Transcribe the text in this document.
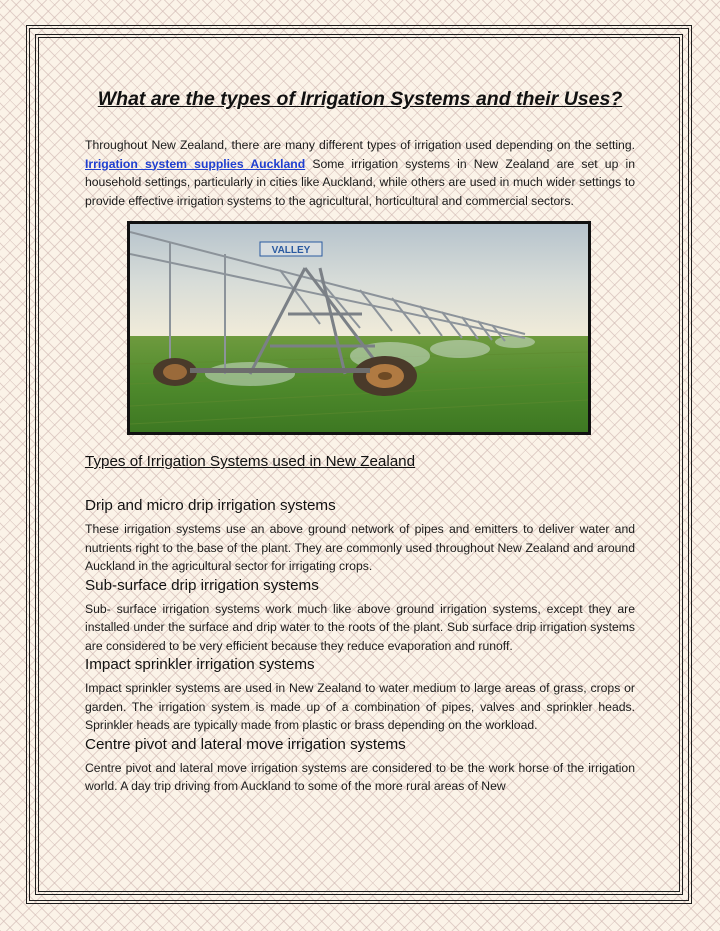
What are the types of Irrigation Systems and their Uses?

Throughout New Zealand, there are many different types of irrigation used depending on the setting. Irrigation system supplies Auckland Some irrigation systems in New Zealand are set up in household settings, particularly in cities like Auckland, while others are used in much wider settings to provide effective irrigation systems to the agricultural, horticultural and commercial sectors.

VALLEY
Types of Irrigation Systems used in New Zealand
Drip and micro drip irrigation systems

These irrigation systems use an above ground network of pipes and emitters to deliver water and nutrients right to the base of the plant. They are commonly used throughout New Zealand and around Auckland in the agricultural sector for irrigating crops.

Sub-surface drip irrigation systems

Sub- surface irrigation systems work much like above ground irrigation systems, except they are installed under the surface and drip water to the roots of the plant. Sub surface drip irrigation systems are considered to be very efficient because they reduce evaporation and runoff.

Impact sprinkler irrigation systems

Impact sprinkler systems are used in New Zealand to water medium to large areas of grass, crops or garden. The irrigation system is made up of a combination of pipes, valves and sprinkler heads. Sprinkler heads are typically made from plastic or brass depending on the workload.

Centre pivot and lateral move irrigation systems

Centre pivot and lateral move irrigation systems are considered to be the work horse of the irrigation world. A day trip driving from Auckland to some of the more rural areas of New
